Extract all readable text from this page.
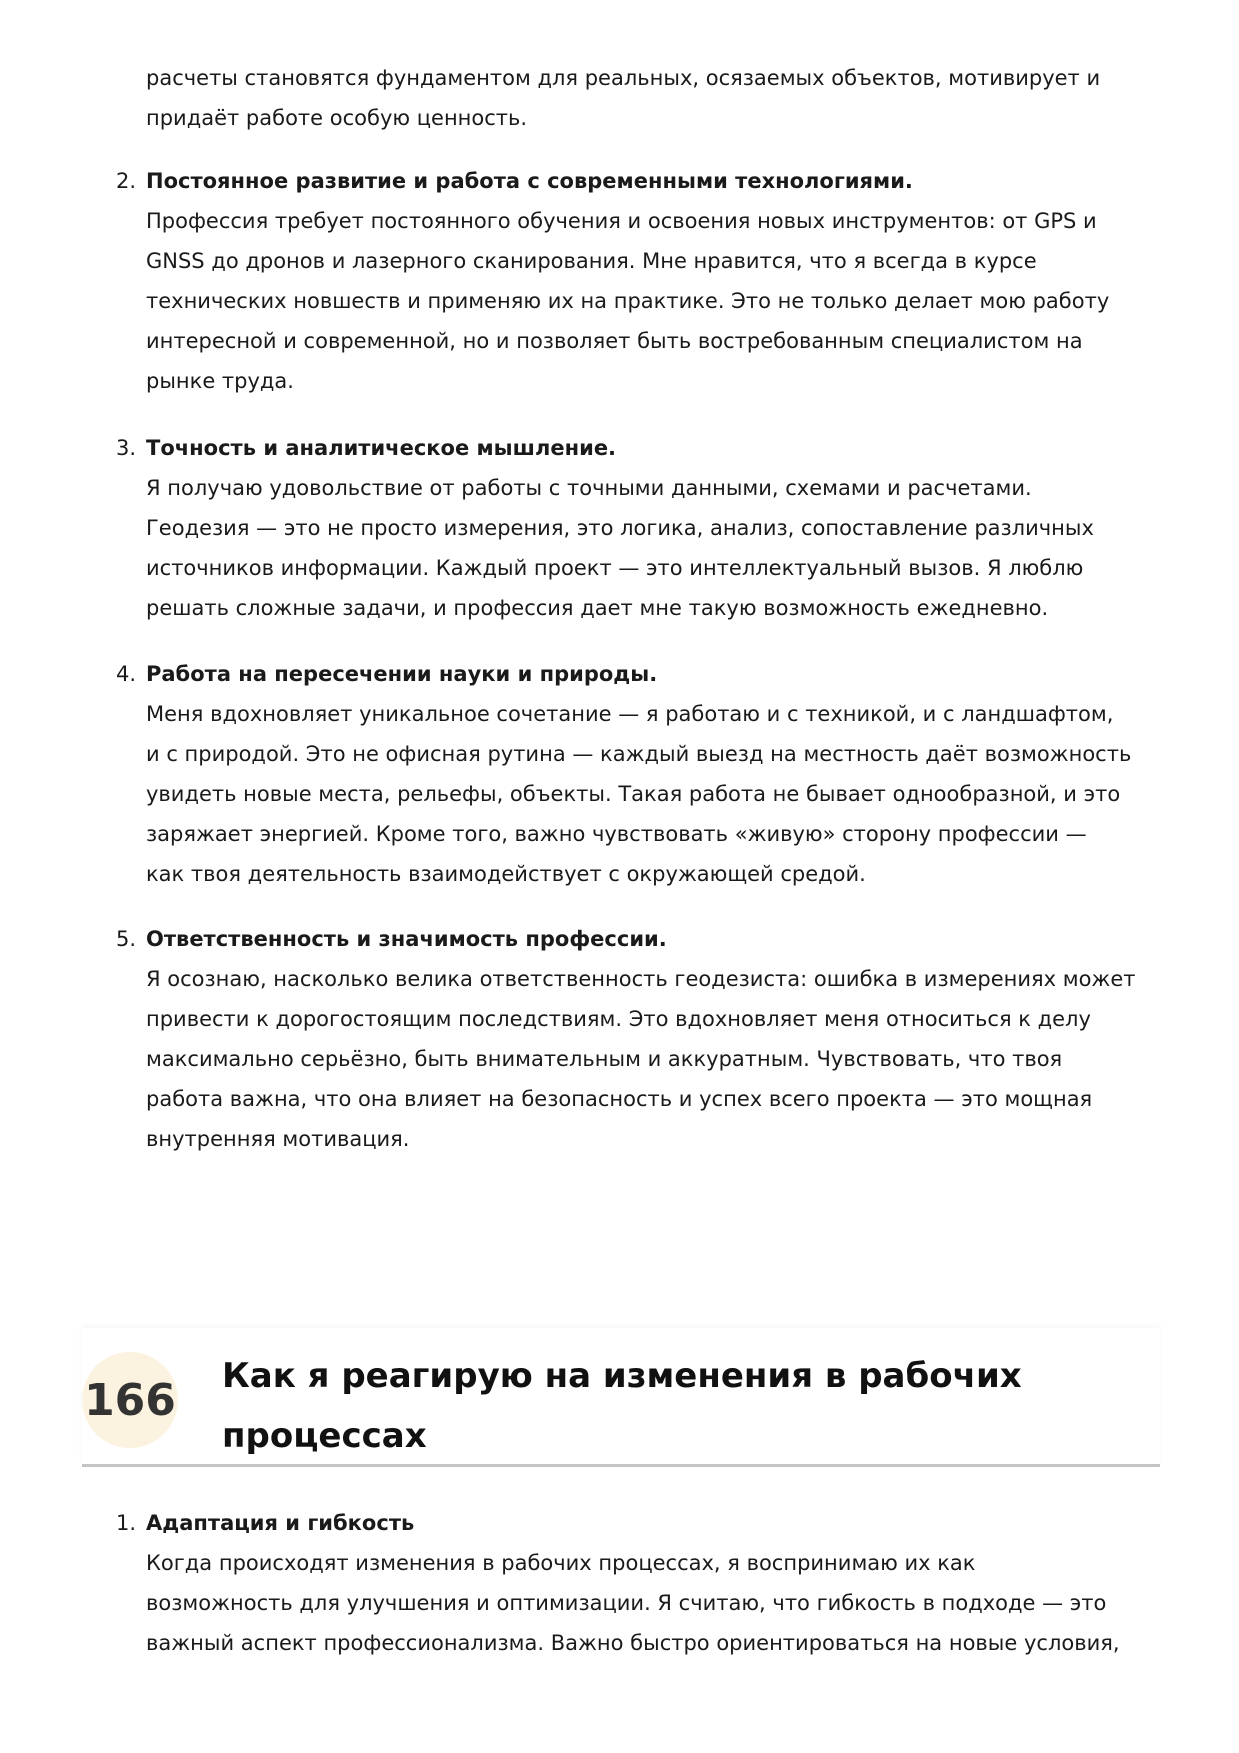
расчеты становятся фундаментом для реальных, осязаемых объектов, мотивирует и

придаёт работе особую ценность.

2. Постоянное развитие и работа с современными технологиями.

Профессия требует постоянного обучения и освоения новых инструментов: от GPS и

GNSS до дронов и лазерного сканирования. Мне нравится, что я всегда в курсе

технических новшеств и применяю их на практике. Это не только делает мою работу

интересной и современной, но и позволяет быть востребованным специалистом на

рынке труда.

3. Точность и аналитическое мышление.

Я получаю удовольствие от работы с точными данными, схемами и расчетами.

Геодезия — это не просто измерения, это логика, анализ, сопоставление различных

источников информации. Каждый проект — это интеллектуальный вызов. Я люблю

решать сложные задачи, и профессия дает мне такую возможность ежедневно.

4. Работа на пересечении науки и природы.

Меня вдохновляет уникальное сочетание — я работаю и с техникой, и с ландшафтом,

и с природой. Это не офисная рутина — каждый выезд на местность даёт возможность

увидеть новые места, рельефы, объекты. Такая работа не бывает однообразной, и это

заряжает энергией. Кроме того, важно чувствовать «живую» сторону профессии —

как твоя деятельность взаимодействует с окружающей средой.

5. Ответственность и значимость профессии.

Я осознаю, насколько велика ответственность геодезиста: ошибка в измерениях может

привести к дорогостоящим последствиям. Это вдохновляет меня относиться к делу

максимально серьёзно, быть внимательным и аккуратным. Чувствовать, что твоя

работа важна, что она влияет на безопасность и успех всего проекта — это мощная

внутренняя мотивация.

166 Как я реагирую на изменения в рабочих
процессах
1. Адаптация и гибкость

Когда происходят изменения в рабочих процессах, я воспринимаю их как

возможность для улучшения и оптимизации. Я считаю, что гибкость в подходе — это

важный аспект профессионализма. Важно быстро ориентироваться на новые условия,
